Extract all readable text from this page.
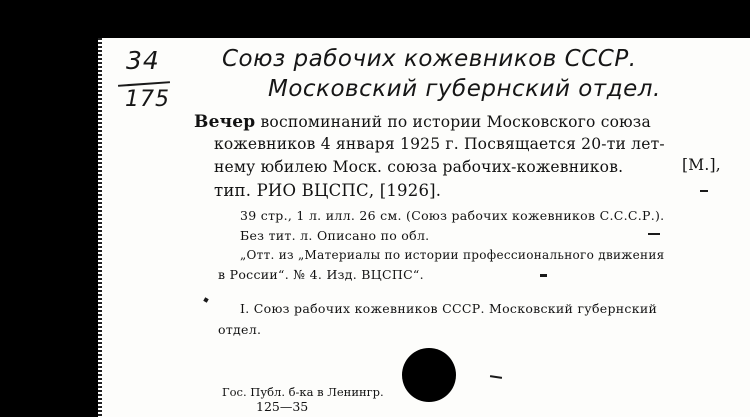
34
175
Союз рабочих кожевников СССР.
Московский губернский отдел.
Вечер воспоминаний по истории Московского союза
кожевников 4 января 1925 г. Посвящается 20-ти лет-
нему юбилею Моск. союза рабочих-кожевников.	[М.],
тип. РИО ВЦСПС, [1926].
39 стр., 1 л. илл. 26 см. (Союз рабочих кожевников С.С.С.Р.).
Без тит. л. Описано по обл.
„Отт. из „Материалы по истории профессионального движения
в России“. № 4. Изд. ВЦСПС“.
I. Союз рабочих кожевников СССР. Московский губернский
отдел.
Гос. Публ. б-ка в Ленингр.
125—35
